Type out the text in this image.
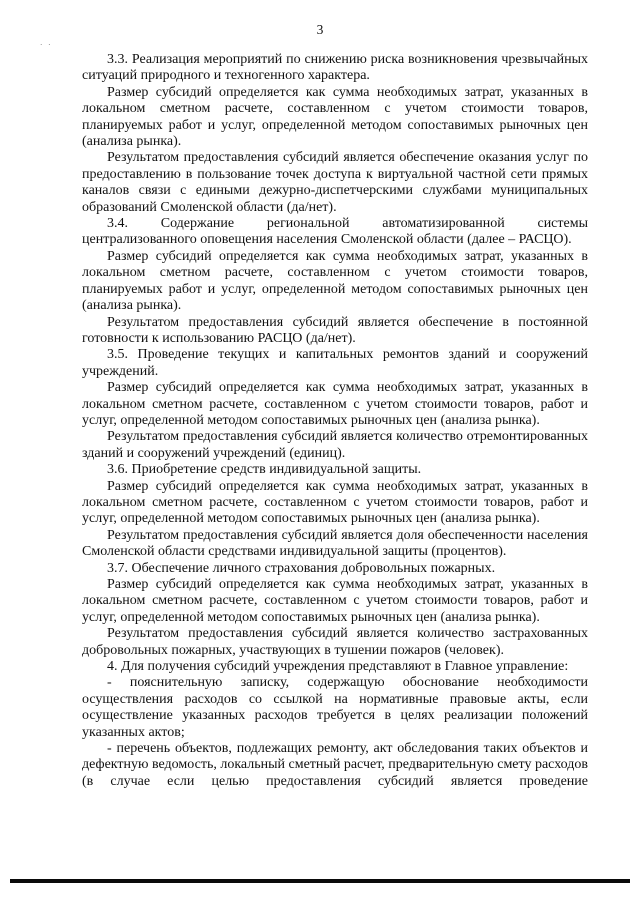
3
· ·

3.3. Реализация мероприятий по снижению риска возникновения чрезвычайных ситуаций природного и техногенного характера.

Размер субсидий определяется как сумма необходимых затрат, указанных в локальном сметном расчете, составленном с учетом стоимости товаров, планируемых работ и услуг, определенной методом сопоставимых рыночных цен (анализа рынка).

Результатом предоставления субсидий является обеспечение оказания услуг по предоставлению в пользование точек доступа к виртуальной частной сети прямых каналов связи с едиными дежурно-диспетчерскими службами муниципальных образований Смоленской области (да/нет).

3.4. Содержание региональной автоматизированной системы централизованного оповещения населения Смоленской области (далее – РАСЦО).

Размер субсидий определяется как сумма необходимых затрат, указанных в локальном сметном расчете, составленном с учетом стоимости товаров, планируемых работ и услуг, определенной методом сопоставимых рыночных цен (анализа рынка).

Результатом предоставления субсидий является обеспечение в постоянной готовности к использованию РАСЦО (да/нет).

3.5. Проведение текущих и капитальных ремонтов зданий и сооружений учреждений.

Размер субсидий определяется как сумма необходимых затрат, указанных в локальном сметном расчете, составленном с учетом стоимости товаров, работ и услуг, определенной методом сопоставимых рыночных цен (анализа рынка).

Результатом предоставления субсидий является количество отремонтированных зданий и сооружений учреждений (единиц).

3.6. Приобретение средств индивидуальной защиты.

Размер субсидий определяется как сумма необходимых затрат, указанных в локальном сметном расчете, составленном с учетом стоимости товаров, работ и услуг, определенной методом сопоставимых рыночных цен (анализа рынка).

Результатом предоставления субсидий является доля обеспеченности населения Смоленской области средствами индивидуальной защиты (процентов).

3.7. Обеспечение личного страхования добровольных пожарных.

Размер субсидий определяется как сумма необходимых затрат, указанных в локальном сметном расчете, составленном с учетом стоимости товаров, работ и услуг, определенной методом сопоставимых рыночных цен (анализа рынка).

Результатом предоставления субсидий является количество застрахованных добровольных пожарных, участвующих в тушении пожаров (человек).

4. Для получения субсидий учреждения представляют в Главное управление:

- пояснительную записку, содержащую обоснование необходимости осуществления расходов со ссылкой на нормативные правовые акты, если осуществление указанных расходов требуется в целях реализации положений указанных актов;

- перечень объектов, подлежащих ремонту, акт обследования таких объектов и дефектную ведомость, локальный сметный расчет, предварительную смету расходов (в случае если целью предоставления субсидий является проведение
